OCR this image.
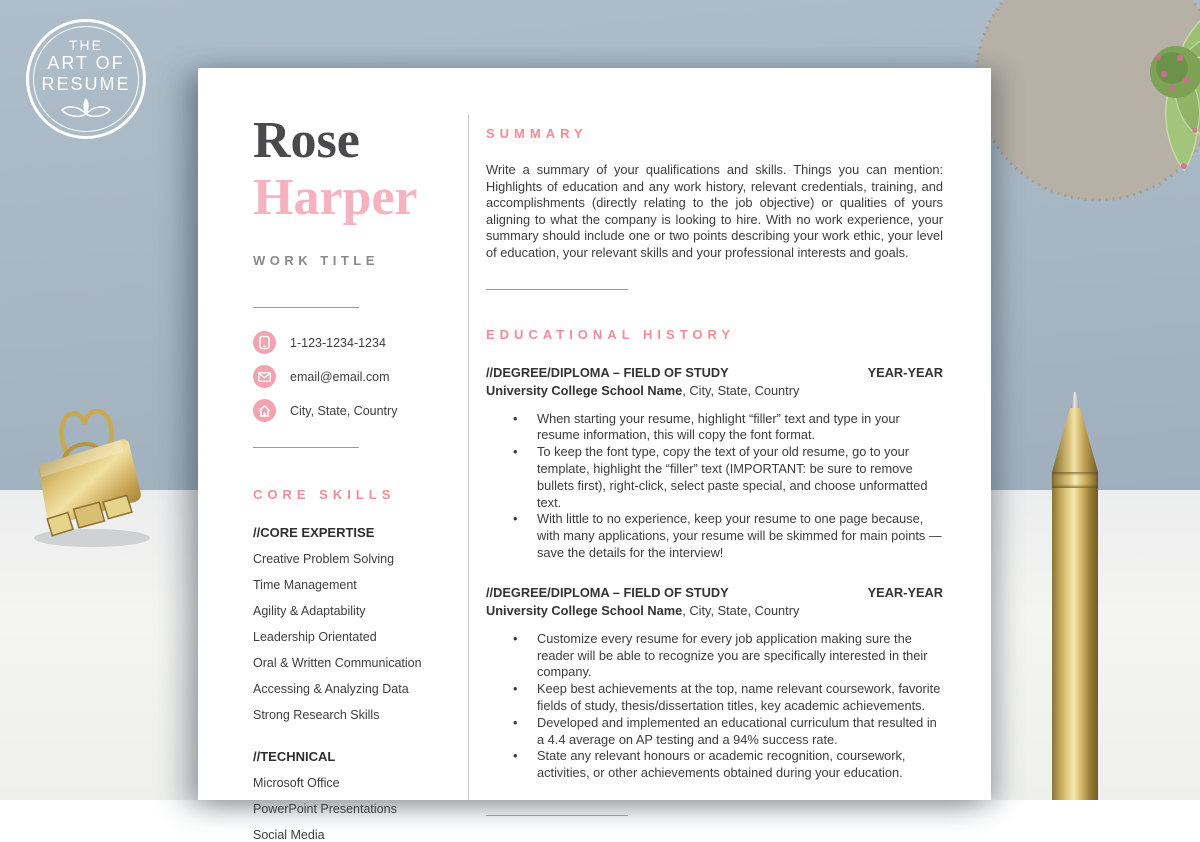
THE
ART OF
RESUME
Rose
Harper
WORK TITLE
1-123-1234-1234
email@email.com
City, State, Country
CORE SKILLS
//CORE EXPERTISE
Creative Problem Solving
Time Management
Agility & Adaptability
Leadership Orientated
Oral & Written Communication
Accessing & Analyzing Data
Strong Research Skills
//TECHNICAL
Microsoft Office
PowerPoint Presentations
Social Media
SUMMARY

Write a summary of your qualifications and skills. Things you can mention: Highlights of education and any work history, relevant credentials, training, and accomplishments (directly relating to the job objective) or qualities of yours aligning to what the company is looking to hire. With no work experience, your summary should include one or two points describing your work ethic, your level of education, your relevant skills and your professional interests and goals.

EDUCATIONAL HISTORY
//DEGREE/DIPLOMA – FIELD OF STUDY	YEAR-YEAR
University College School Name, City, State, Country
• When starting your resume, highlight “filler” text and type in your resume information, this will copy the font format.
• To keep the font type, copy the text of your old resume, go to your template, highlight the “filler” text (IMPORTANT: be sure to remove bullets first), right-click, select paste special, and choose unformatted text.
• With little to no experience, keep your resume to one page because, with many applications, your resume will be skimmed for main points — save the details for the interview!
//DEGREE/DIPLOMA – FIELD OF STUDY	YEAR-YEAR
University College School Name, City, State, Country
• Customize every resume for every job application making sure the reader will be able to recognize you are specifically interested in their company.
• Keep best achievements at the top, name relevant coursework, favorite fields of study, thesis/dissertation titles, key academic achievements.
• Developed and implemented an educational curriculum that resulted in a 4.4 average on AP testing and a 94% success rate.
• State any relevant honours or academic recognition, coursework, activities, or other achievements obtained during your education.
